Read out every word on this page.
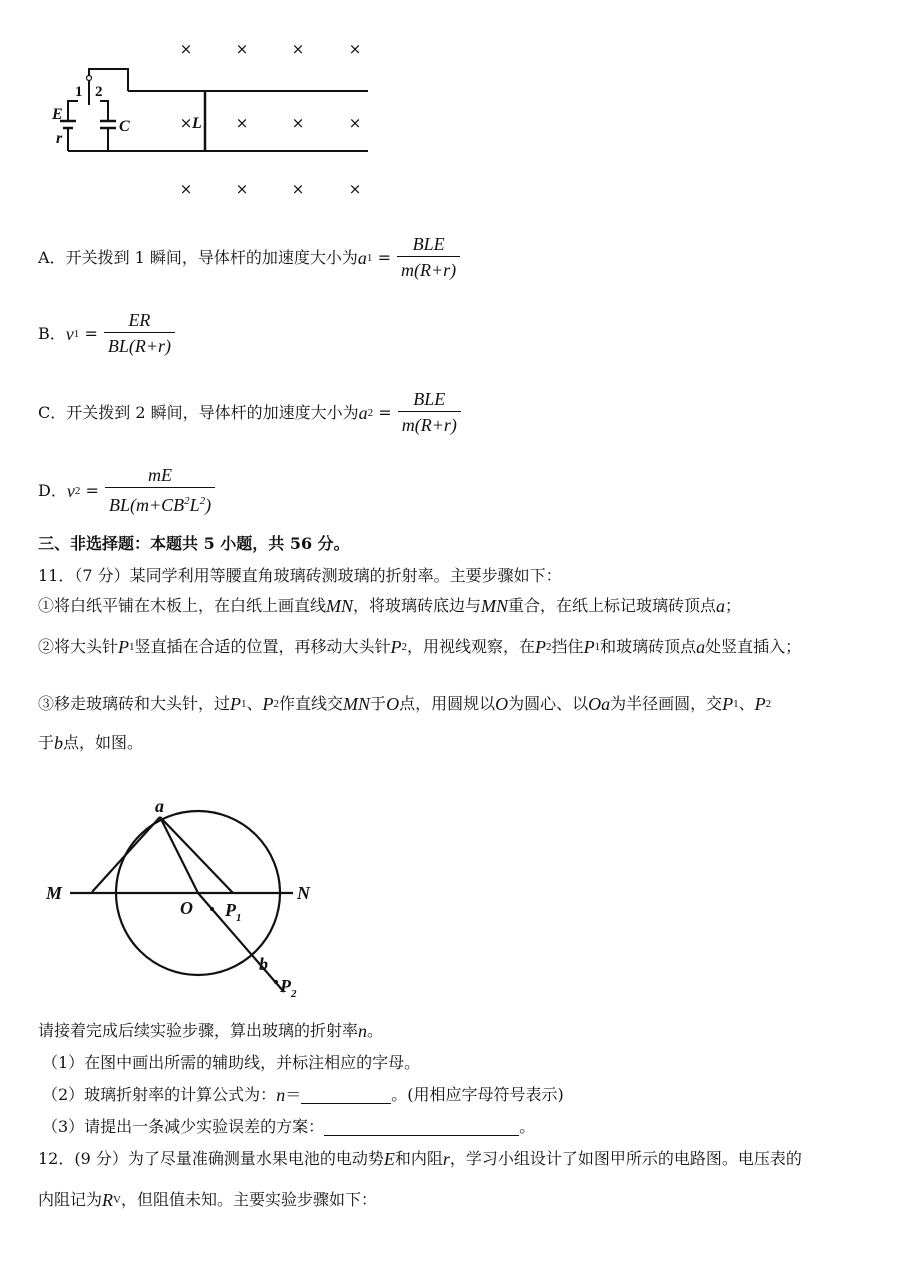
×	×	×	×
×	×	×
×	×	×	×
×
E
r
C	L
1 2
A． 开关拨到 1 瞬间，导体杆的加速度大小为 a $1 = \frac{\text{BLE}}{m(R+r)}$
B． v $1 = \frac{ER}{BL(R+r)}$
C． 开关拨到 2 瞬间，导体杆的加速度大小为 a $2 = \frac{\text{BLE}}{m(R+r)}$
D． v $2 = \frac{mE}{BL(m+CB^2L^2)}$
三、非选择题：本题共 5 小题，共 56 分。
11．（7 分）某同学利用等腰直角玻璃砖测玻璃的折射率。主要步骤如下：
①将白纸平铺在木板上，在白纸上画直线 MN ，将玻璃砖底边与 MN 重合，在纸上标记玻璃砖顶点 a ；
②将大头针 P 1 竖直插在合适的位置，再移动大头针 P 2 ，用视线观察，在 P 2 挡住 P 1 和玻璃砖顶点 a 处竖直插入；
③移走玻璃砖和大头针，过 P 1 、 P 2 作直线交 MN 于 O 点，用圆规以 O 为圆心、以 Oa 为半径画圆，交 P 1 、 P 2
于 b 点，如图。
请接着完成后续实验步骤，算出玻璃的折射率 n 。
（1）在图中画出所需的辅助线，并标注相应的字母。
（2）玻璃折射率的计算公式为： n ＝	。(用相应字母符号表示)
（3）请提出一条减少实验误差的方案：	。
12．(9 分）为了尽量准确测量水果电池的电动势 E 和内阻 r ，学习小组设计了如图甲所示的电路图。电压表的
内阻记为 R V ，但阻值未知。主要实验步骤如下：
M	N
O
a
b
$P_1$
$P_2$
